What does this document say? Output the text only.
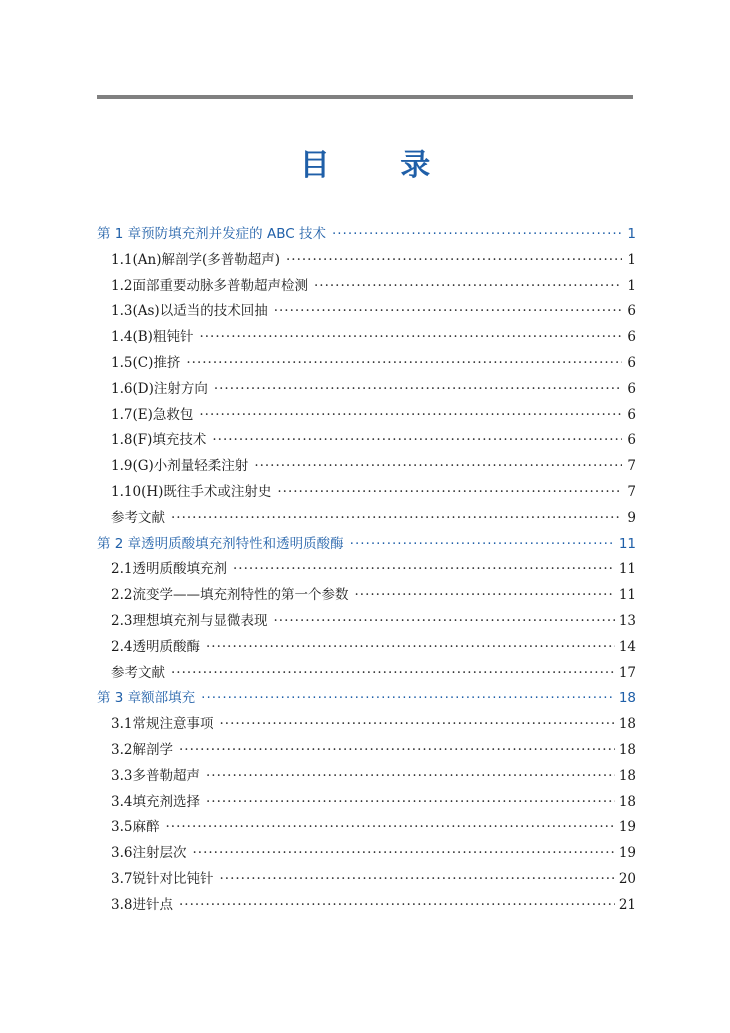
目 录
第 1 章 预防填充剂并发症的 ABC 技术 ·····	1
1.1 (An)解剖学(多普勒超声) ·····	1
1.2 面部重要动脉多普勒超声检测 ·····	1
1.3 (As)以适当的技术回抽 ·····	6
1.4 (B)粗钝针 ·····	6
1.5 (C)推挤 ·····	6
1.6 (D)注射方向 ·····	6
1.7 (E)急救包 ·····	6
1.8 (F)填充技术 ·····	6
1.9 (G)小剂量轻柔注射 ·····	7
1.10 (H)既往手术或注射史 ·····	7
参考文献 ·····	9
第 2 章 透明质酸填充剂特性和透明质酸酶 ·····	11
2.1 透明质酸填充剂 ·····	11
2.2 流变学——填充剂特性的第一个参数 ·····	11
2.3 理想填充剂与显微表现 ·····	13
2.4 透明质酸酶 ·····	14
参考文献 ·····	17
第 3 章 额部填充 ·····	18
3.1 常规注意事项 ·····	18
3.2 解剖学 ·····	18
3.3 多普勒超声 ·····	18
3.4 填充剂选择 ·····	18
3.5 麻醉 ·····	19
3.6 注射层次 ·····	19
3.7 锐针对比钝针 ·····	20
3.8 进针点 ·····	21
